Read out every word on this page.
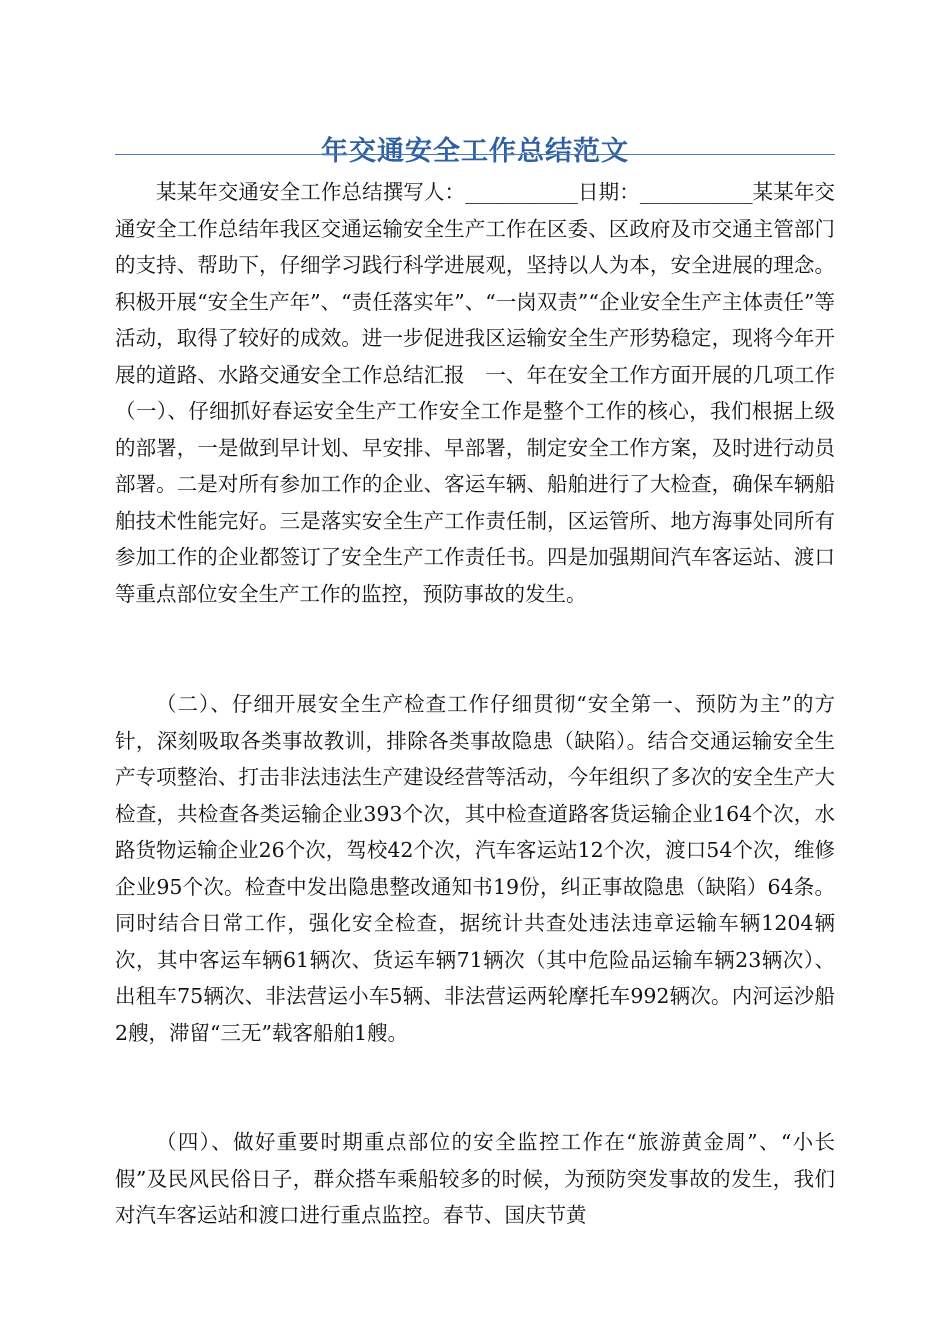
年交通安全工作总结范文

某某年交通安全工作总结撰写人：___________日期：___________某某年交通安全工作总结年我区交通运输安全生产工作在区委、区政府及市交通主管部门的支持、帮助下，仔细学习践行科学进展观，坚持以人为本，安全进展的理念。积极开展“安全生产年”、“责任落实年”、“一岗双责”“企业安全生产主体责任”等活动，取得了较好的成效。进一步促进我区运输安全生产形势稳定，现将今年开展的道路、水路交通安全工作总结汇报　一、年在安全工作方面开展的几项工作（一）、仔细抓好春运安全生产工作安全工作是整个工作的核心，我们根据上级的部署，一是做到早计划、早安排、早部署，制定安全工作方案，及时进行动员部署。二是对所有参加工作的企业、客运车辆、船舶进行了大检查，确保车辆船舶技术性能完好。三是落实安全生产工作责任制，区运管所、地方海事处同所有参加工作的企业都签订了安全生产工作责任书。四是加强期间汽车客运站、渡口等重点部位安全生产工作的监控，预防事故的发生。

（二）、仔细开展安全生产检查工作仔细贯彻“安全第一、预防为主”的方针，深刻吸取各类事故教训，排除各类事故隐患（缺陷）。结合交通运输安全生产专项整治、打击非法违法生产建设经营等活动，今年组织了多次的安全生产大检查，共检查各类运输企业393个次，其中检查道路客货运输企业164个次，水路货物运输企业26个次，驾校42个次，汽车客运站12个次，渡口54个次，维修企业95个次。检查中发出隐患整改通知书19份，纠正事故隐患（缺陷）64条。同时结合日常工作，强化安全检查，据统计共查处违法违章运输车辆1204辆次，其中客运车辆61辆次、货运车辆71辆次（其中危险品运输车辆23辆次）、出租车75辆次、非法营运小车5辆、非法营运两轮摩托车992辆次。内河运沙船2艘，滞留“三无”载客船舶1艘。

（四）、做好重要时期重点部位的安全监控工作在“旅游黄金周”、“小长假”及民风民俗日子，群众搭车乘船较多的时候，为预防突发事故的发生，我们对汽车客运站和渡口进行重点监控。春节、国庆节黄
